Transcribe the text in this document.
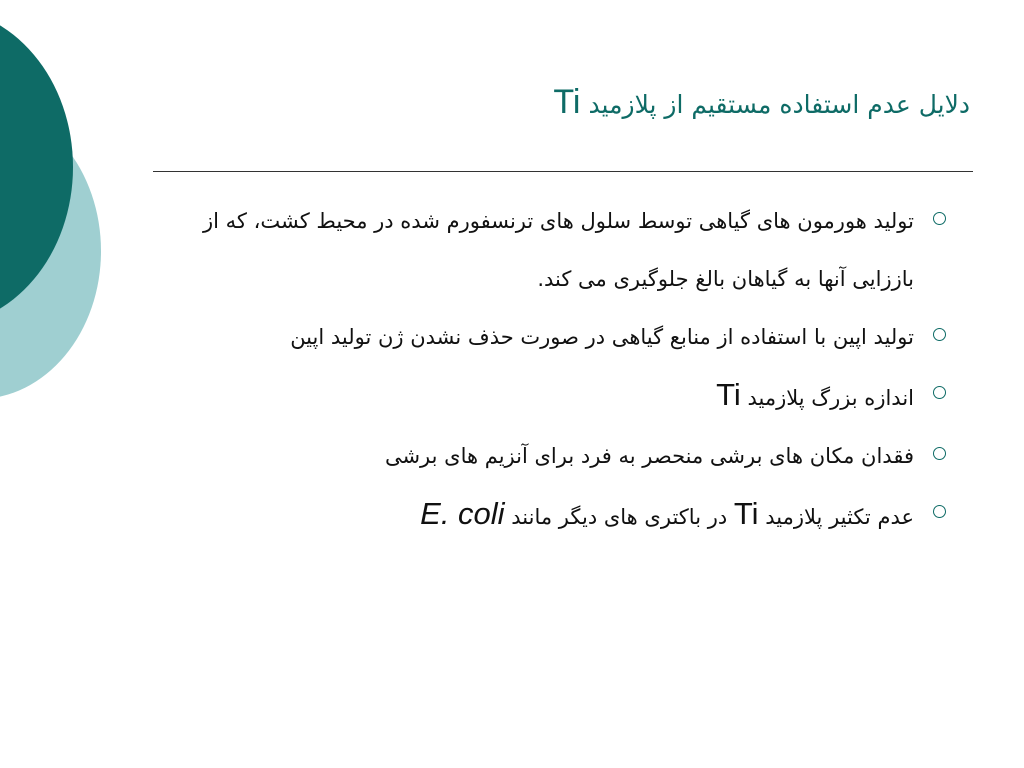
دلایل عدم استفاده مستقیم از پلازمید Ti
تولید هورمون های گیاهی توسط سلول های ترنسفورم شده در محیط کشت، که از باززایی آنها به گیاهان بالغ جلوگیری می کند.
تولید اپین با استفاده از منابع گیاهی در صورت حذف نشدن ژن تولید اپین
اندازه بزرگ پلازمید Ti
فقدان مکان های برشی منحصر به فرد برای آنزیم های برشی
عدم تکثیر پلازمید Ti در باکتری های دیگر مانند E. coli
